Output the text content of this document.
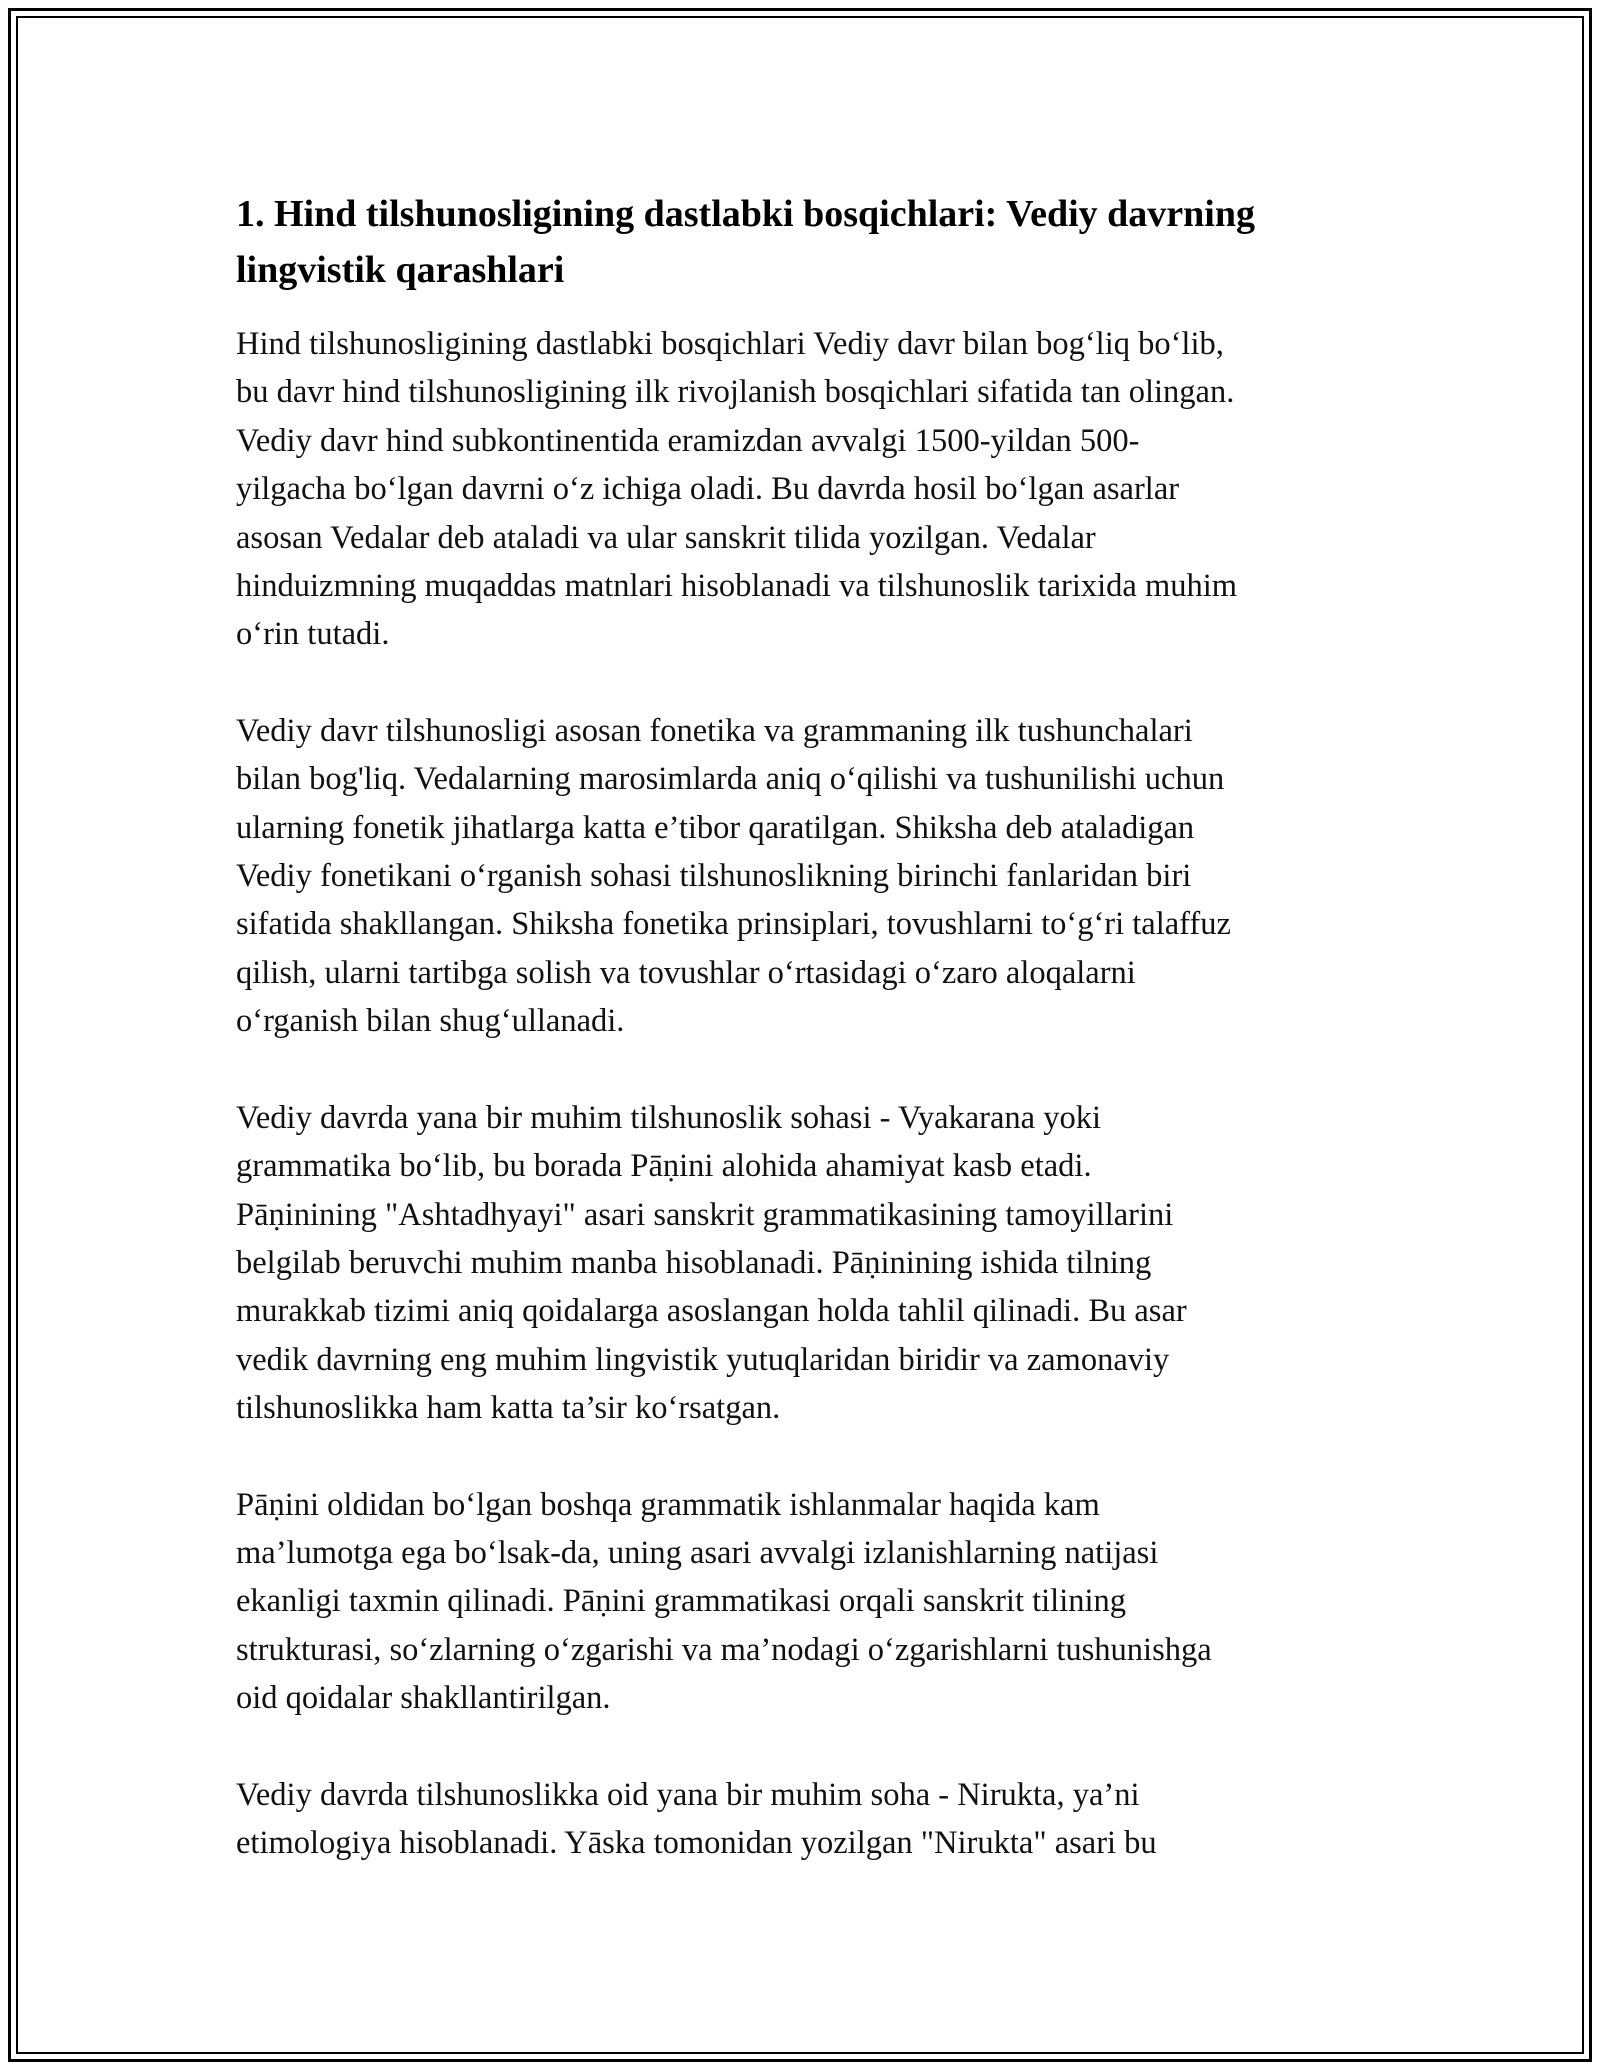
1. Hind tilshunosligining dastlabki bosqichlari: Vediy davrning
lingvistik qarashlari

Hind tilshunosligining dastlabki bosqichlari Vediy davr bilan bog‘liq bo‘lib,
bu davr hind tilshunosligining ilk rivojlanish bosqichlari sifatida tan olingan.
Vediy davr hind subkontinentida eramizdan avvalgi 1500-yildan 500-
yilgacha bo‘lgan davrni o‘z ichiga oladi. Bu davrda hosil bo‘lgan asarlar
asosan Vedalar deb ataladi va ular sanskrit tilida yozilgan. Vedalar
hinduizmning muqaddas matnlari hisoblanadi va tilshunoslik tarixida muhim
o‘rin tutadi.

Vediy davr tilshunosligi asosan fonetika va grammaning ilk tushunchalari
bilan bog'liq. Vedalarning marosimlarda aniq o‘qilishi va tushunilishi uchun
ularning fonetik jihatlarga katta e’tibor qaratilgan. Shiksha deb ataladigan
Vediy fonetikani o‘rganish sohasi tilshunoslikning birinchi fanlaridan biri
sifatida shakllangan. Shiksha fonetika prinsiplari, tovushlarni to‘g‘ri talaffuz
qilish, ularni tartibga solish va tovushlar o‘rtasidagi o‘zaro aloqalarni
o‘rganish bilan shug‘ullanadi.

Vediy davrda yana bir muhim tilshunoslik sohasi - Vyakarana yoki
grammatika bo‘lib, bu borada Pāṇini alohida ahamiyat kasb etadi.
Pāṇinining "Ashtadhyayi" asari sanskrit grammatikasining tamoyillarini
belgilab beruvchi muhim manba hisoblanadi. Pāṇinining ishida tilning
murakkab tizimi aniq qoidalarga asoslangan holda tahlil qilinadi. Bu asar
vedik davrning eng muhim lingvistik yutuqlaridan biridir va zamonaviy
tilshunoslikka ham katta ta’sir ko‘rsatgan.

Pāṇini oldidan bo‘lgan boshqa grammatik ishlanmalar haqida kam
ma’lumotga ega bo‘lsak-da, uning asari avvalgi izlanishlarning natijasi
ekanligi taxmin qilinadi. Pāṇini grammatikasi orqali sanskrit tilining
strukturasi, so‘zlarning o‘zgarishi va ma’nodagi o‘zgarishlarni tushunishga
oid qoidalar shakllantirilgan.

Vediy davrda tilshunoslikka oid yana bir muhim soha - Nirukta, ya’ni
etimologiya hisoblanadi. Yāska tomonidan yozilgan "Nirukta" asari bu
